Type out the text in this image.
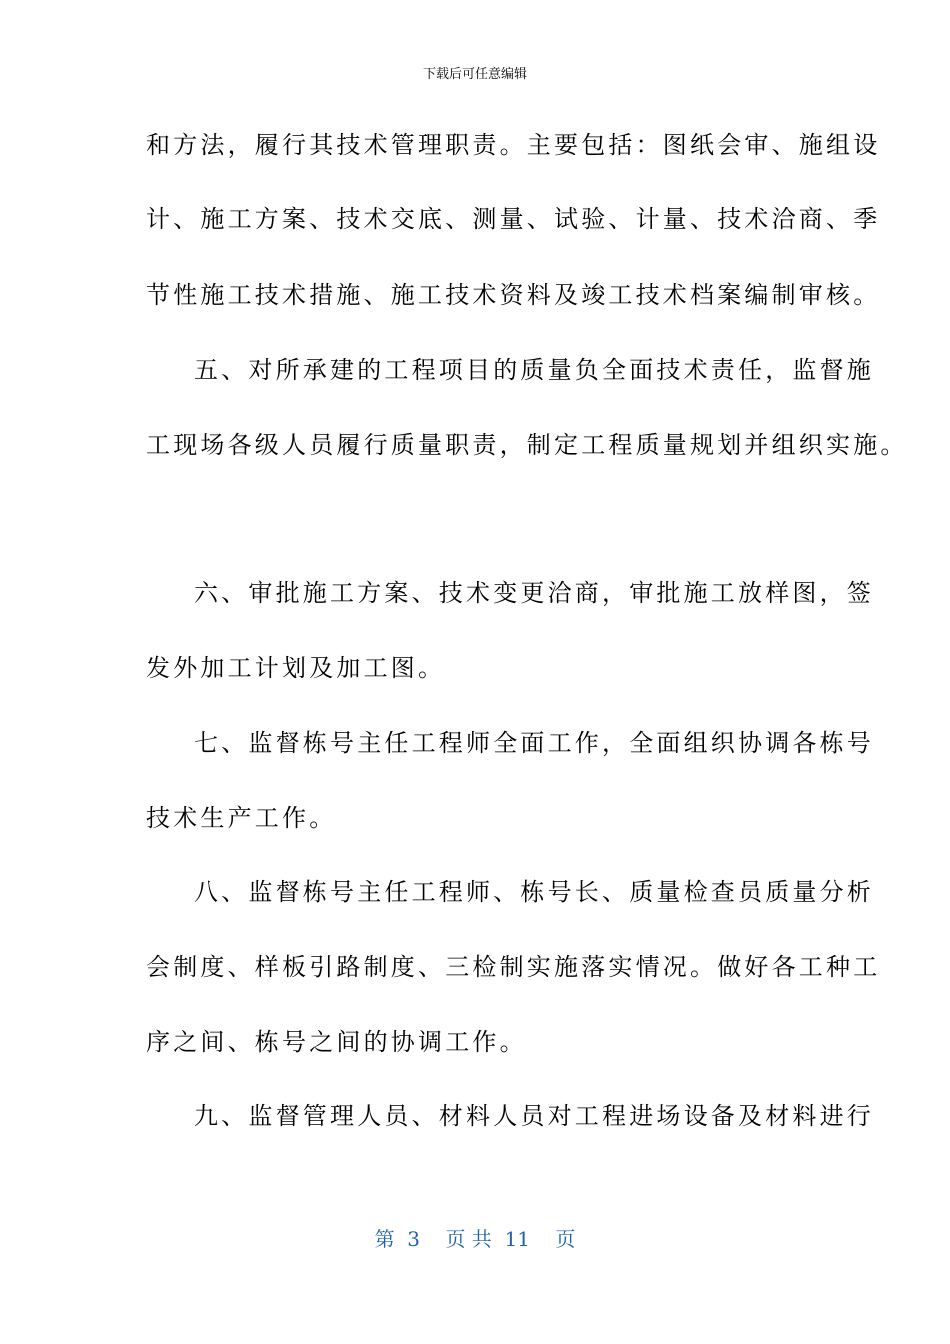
下载后可任意编辑
和方法，履行其技术管理职责。主要包括：图纸会审、施组设
计、施工方案、技术交底、测量、试验、计量、技术洽商、季
节性施工技术措施、施工技术资料及竣工技术档案编制审核。
五、对所承建的工程项目的质量负全面技术责任，监督施
工现场各级人员履行质量职责，制定工程质量规划并组织实施。
六、审批施工方案、技术变更洽商，审批施工放样图，签
发外加工计划及加工图。
七、监督栋号主任工程师全面工作，全面组织协调各栋号
技术生产工作。
八、监督栋号主任工程师、栋号长、质量检查员质量分析
会制度、样板引路制度、三检制实施落实情况。做好各工种工
序之间、栋号之间的协调工作。
九、监督管理人员、材料人员对工程进场设备及材料进行
第  3    页 共  11    页
